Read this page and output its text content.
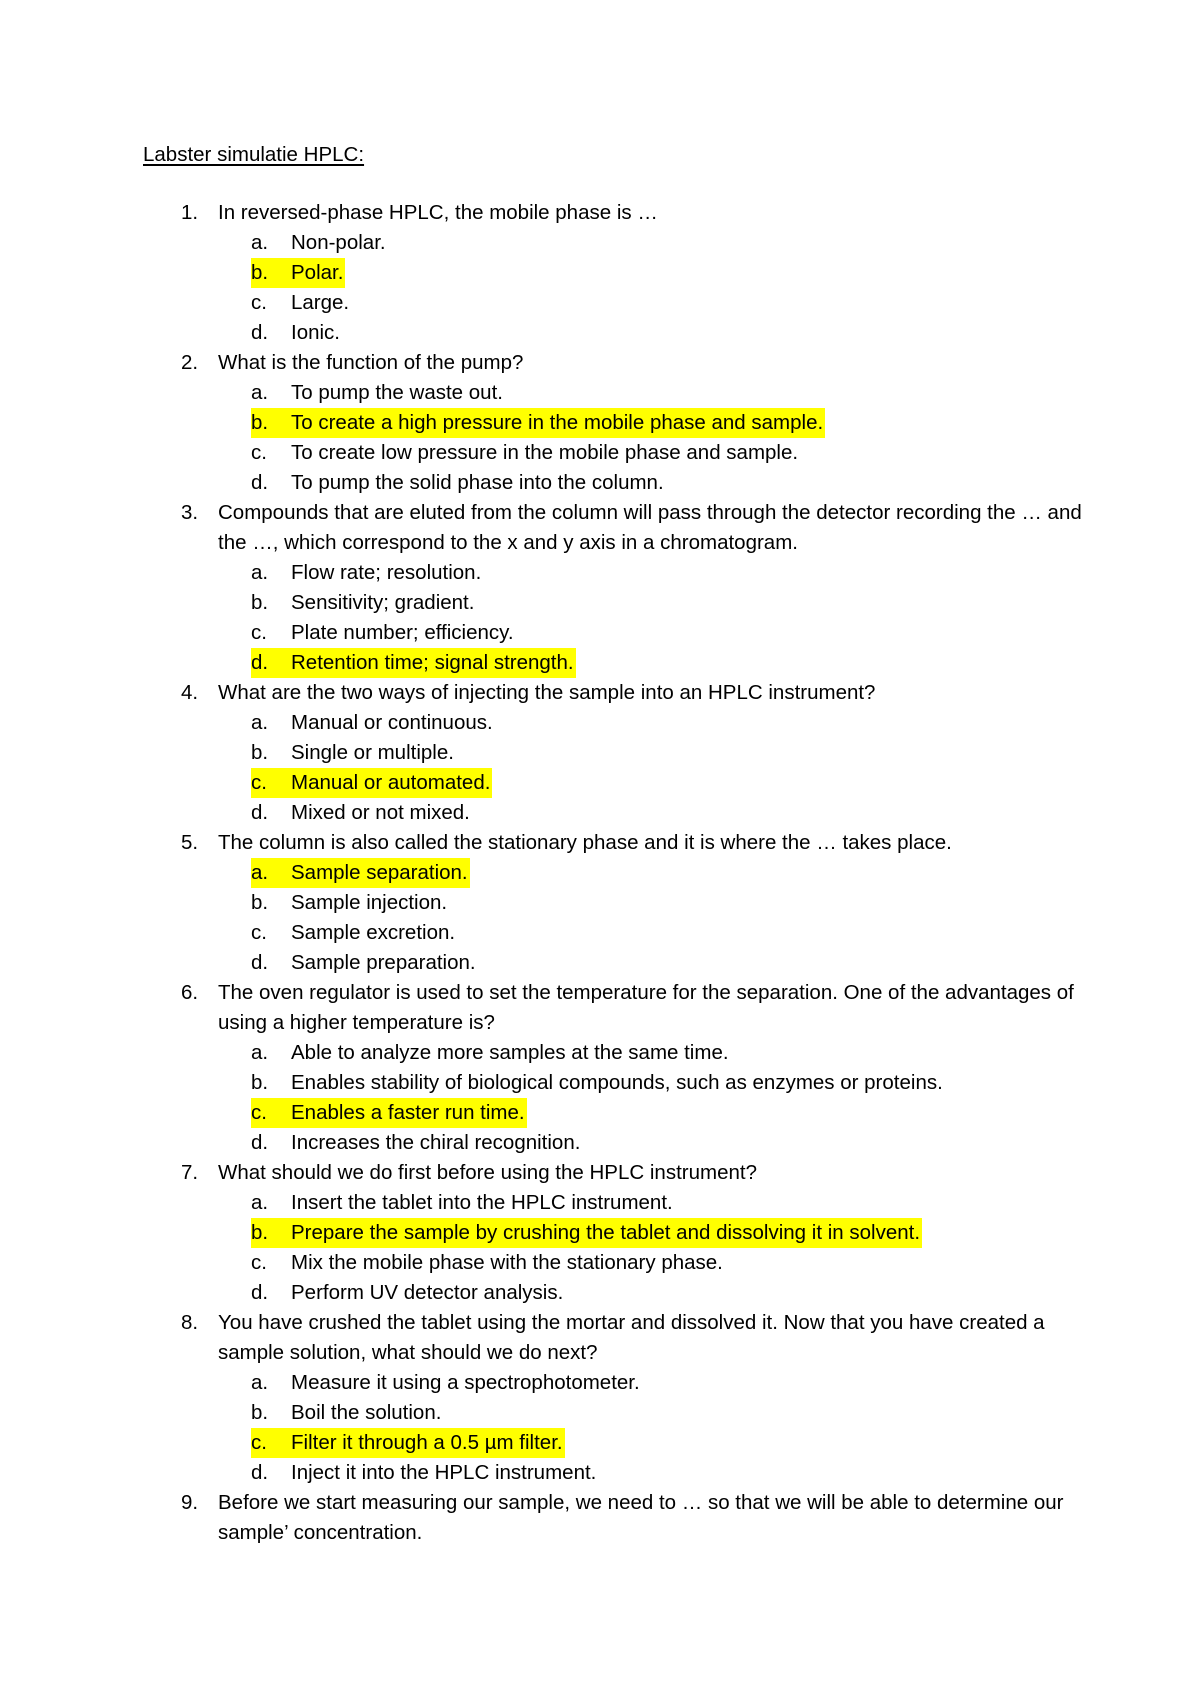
Labster simulatie HPLC:
1. In reversed-phase HPLC, the mobile phase is …
a. Non-polar.
b. Polar.
c. Large.
d. Ionic.
2. What is the function of the pump?
a. To pump the waste out.
b. To create a high pressure in the mobile phase and sample.
c. To create low pressure in the mobile phase and sample.
d. To pump the solid phase into the column.
3. Compounds that are eluted from the column will pass through the detector recording the … and the …, which correspond to the x and y axis in a chromatogram.
a. Flow rate; resolution.
b. Sensitivity; gradient.
c. Plate number; efficiency.
d. Retention time; signal strength.
4. What are the two ways of injecting the sample into an HPLC instrument?
a. Manual or continuous.
b. Single or multiple.
c. Manual or automated.
d. Mixed or not mixed.
5. The column is also called the stationary phase and it is where the … takes place.
a. Sample separation.
b. Sample injection.
c. Sample excretion.
d. Sample preparation.
6. The oven regulator is used to set the temperature for the separation. One of the advantages of using a higher temperature is?
a. Able to analyze more samples at the same time.
b. Enables stability of biological compounds, such as enzymes or proteins.
c. Enables a faster run time.
d. Increases the chiral recognition.
7. What should we do first before using the HPLC instrument?
a. Insert the tablet into the HPLC instrument.
b. Prepare the sample by crushing the tablet and dissolving it in solvent.
c. Mix the mobile phase with the stationary phase.
d. Perform UV detector analysis.
8. You have crushed the tablet using the mortar and dissolved it. Now that you have created a sample solution, what should we do next?
a. Measure it using a spectrophotometer.
b. Boil the solution.
c. Filter it through a 0.5 µm filter.
d. Inject it into the HPLC instrument.
9. Before we start measuring our sample, we need to … so that we will be able to determine our sample’ concentration.
